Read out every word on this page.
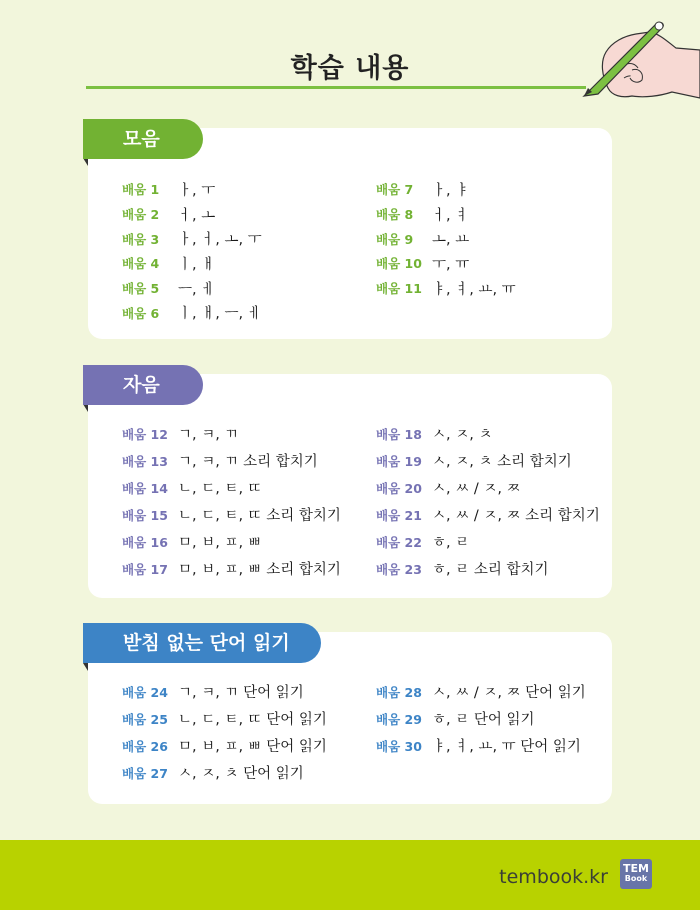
학습 내용
모음
배움 1	ㅏ, ㅜ
배움 2	ㅓ, ㅗ
배움 3	ㅏ, ㅓ, ㅗ, ㅜ
배움 4	ㅣ, ㅐ
배움 5	ㅡ, ㅔ
배움 6	ㅣ, ㅐ, ㅡ, ㅔ
배움 7	ㅏ, ㅑ
배움 8	ㅓ, ㅕ
배움 9	ㅗ, ㅛ
배움 10 ㅜ, ㅠ
배움 11 ㅑ, ㅕ, ㅛ, ㅠ
자음
배움 12 ㄱ, ㅋ, ㄲ
배움 13 ㄱ, ㅋ, ㄲ 소리 합치기
배움 14 ㄴ, ㄷ, ㅌ, ㄸ
배움 15 ㄴ, ㄷ, ㅌ, ㄸ 소리 합치기
배움 16 ㅁ, ㅂ, ㅍ, ㅃ
배움 17 ㅁ, ㅂ, ㅍ, ㅃ 소리 합치기
배움 18 ㅅ, ㅈ, ㅊ
배움 19 ㅅ, ㅈ, ㅊ 소리 합치기
배움 20 ㅅ, ㅆ / ㅈ, ㅉ
배움 21 ㅅ, ㅆ / ㅈ, ㅉ 소리 합치기
배움 22 ㅎ, ㄹ
배움 23 ㅎ, ㄹ 소리 합치기
받침 없는 단어 읽기
배움 24 ㄱ, ㅋ, ㄲ 단어 읽기
배움 25 ㄴ, ㄷ, ㅌ, ㄸ 단어 읽기
배움 26 ㅁ, ㅂ, ㅍ, ㅃ 단어 읽기
배움 27 ㅅ, ㅈ, ㅊ 단어 읽기
배움 28 ㅅ, ㅆ / ㅈ, ㅉ 단어 읽기
배움 29 ㅎ, ㄹ 단어 읽기
배움 30 ㅑ, ㅕ, ㅛ, ㅠ 단어 읽기
tembook.kr TEM
Book
